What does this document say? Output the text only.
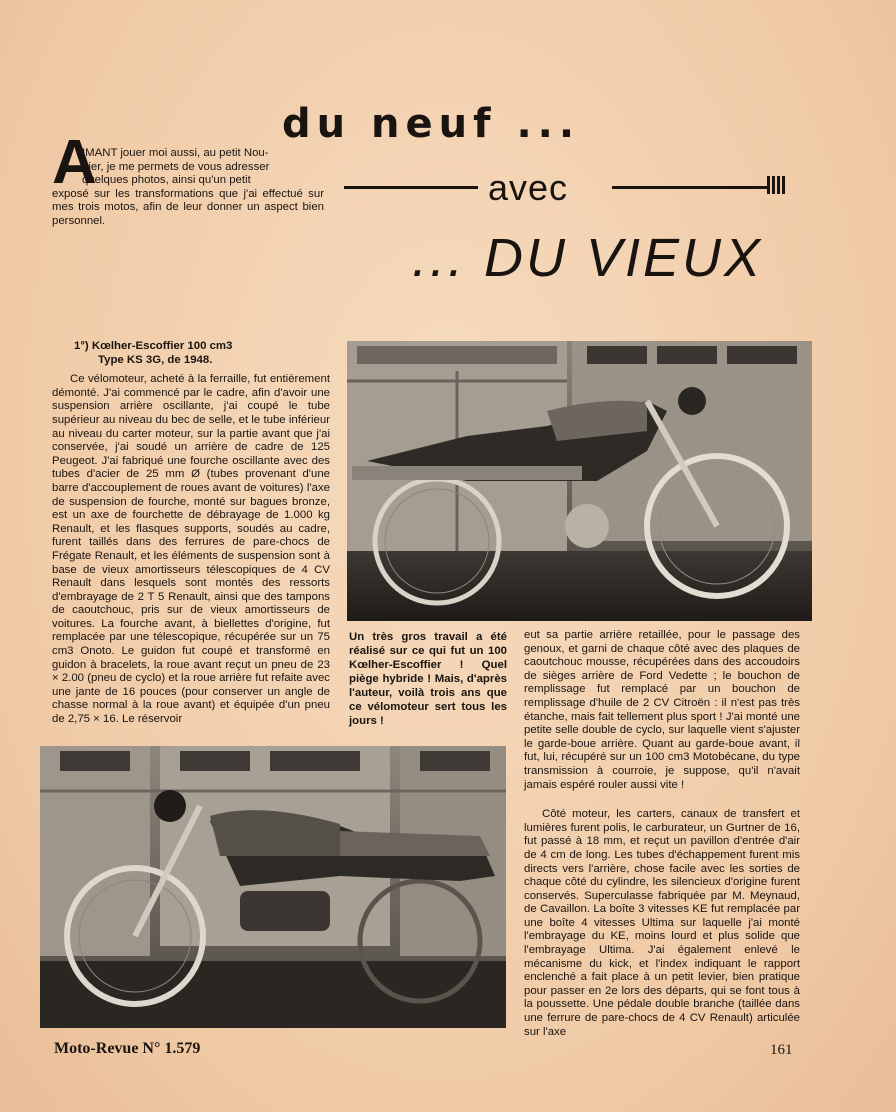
du neuf ...
avec
... DU VIEUX
A
IMANT jouer moi aussi, au petit Nou-
gier, je me permets de vous adresser
quelques photos, ainsi qu'un petit
exposé sur les transformations que j'ai effectué sur mes trois motos, afin de leur donner un aspect bien personnel.

1°) Kœlher-Escoffier 100 cm3

Type KS 3G, de 1948.

Ce vélomoteur, acheté à la ferraille, fut entièrement démonté. J'ai commencé par le cadre, afin d'avoir une suspension arrière oscillante, j'ai coupé le tube supérieur au niveau du bec de selle, et le tube inférieur au niveau du carter moteur, sur la partie avant que j'ai conservée, j'ai soudé un arrière de cadre de 125 Peugeot. J'ai fabriqué une fourche oscillante avec des tubes d'acier de 25 mm Ø (tubes provenant d'une barre d'accouplement de roues avant de voitures) l'axe de suspension de fourche, monté sur bagues bronze, est un axe de fourchette de débrayage de 1.000 kg Renault, et les flasques supports, soudés au cadre, furent taillés dans des ferrures de pare-chocs de Frégate Renault, et les éléments de suspension sont à base de vieux amortisseurs télescopiques de 4 CV Renault dans lesquels sont montés des ressorts d'embrayage de 2 T 5 Renault, ainsi que des tampons de caoutchouc, pris sur de vieux amortisseurs de voitures. La fourche avant, à biellettes d'origine, fut remplacée par une télescopique, récupérée sur un 75 cm3 Onoto. Le guidon fut coupé et transformé en guidon à bracelets, la roue avant reçut un pneu de 23 × 2.00 (pneu de cyclo) et la roue arrière fut refaite avec une jante de 16 pouces (pour conserver un angle de chasse normal à la roue avant) et équipée d'un pneu de 2,75 × 16. Le réservoir

Un très gros travail a été réalisé sur ce qui fut un 100 Kœlher-Escoffier ! Quel piège hybride ! Mais, d'après l'auteur, voilà trois ans que ce vélomoteur sert tous les jours !

eut sa partie arrière retaillée, pour le passage des genoux, et garni de chaque côté avec des plaques de caoutchouc mousse, récupérées dans des accoudoirs de sièges arrière de Ford Vedette ; le bouchon de remplissage fut remplacé par un bouchon de remplissage d'huile de 2 CV Citroën : il n'est pas très étanche, mais fait tellement plus sport ! J'ai monté une petite selle double de cyclo, sur laquelle vient s'ajuster le garde-boue arrière. Quant au garde-boue avant, il fut, lui, récupéré sur un 100 cm3 Motobécane, du type transmission à courroie, je suppose, qu'il n'avait jamais espéré rouler aussi vite !

Côté moteur, les carters, canaux de transfert et lumières furent polis, le carburateur, un Gurtner de 16, fut passé à 18 mm, et reçut un pavillon d'entrée d'air de 4 cm de long. Les tubes d'échappement furent mis directs vers l'arrière, chose facile avec les sorties de chaque côté du cylindre, les silencieux d'origine furent conservés. Superculasse fabriquée par M. Meynaud, de Cavaillon. La boîte 3 vitesses KE fut remplacée par une boîte 4 vitesses Ultima sur laquelle j'ai monté l'embrayage du KE, moins lourd et plus solide que l'embrayage Ultima. J'ai également enlevé le mécanisme du kick, et l'index indiquant le rapport enclenché a fait place à un petit levier, bien pratique pour passer en 2e lors des départs, qui se font tous à la poussette. Une pédale double branche (taillée dans une ferrure de pare-chocs de 4 CV Renault) articulée sur l'axe

Moto-Revue N° 1.579	161
